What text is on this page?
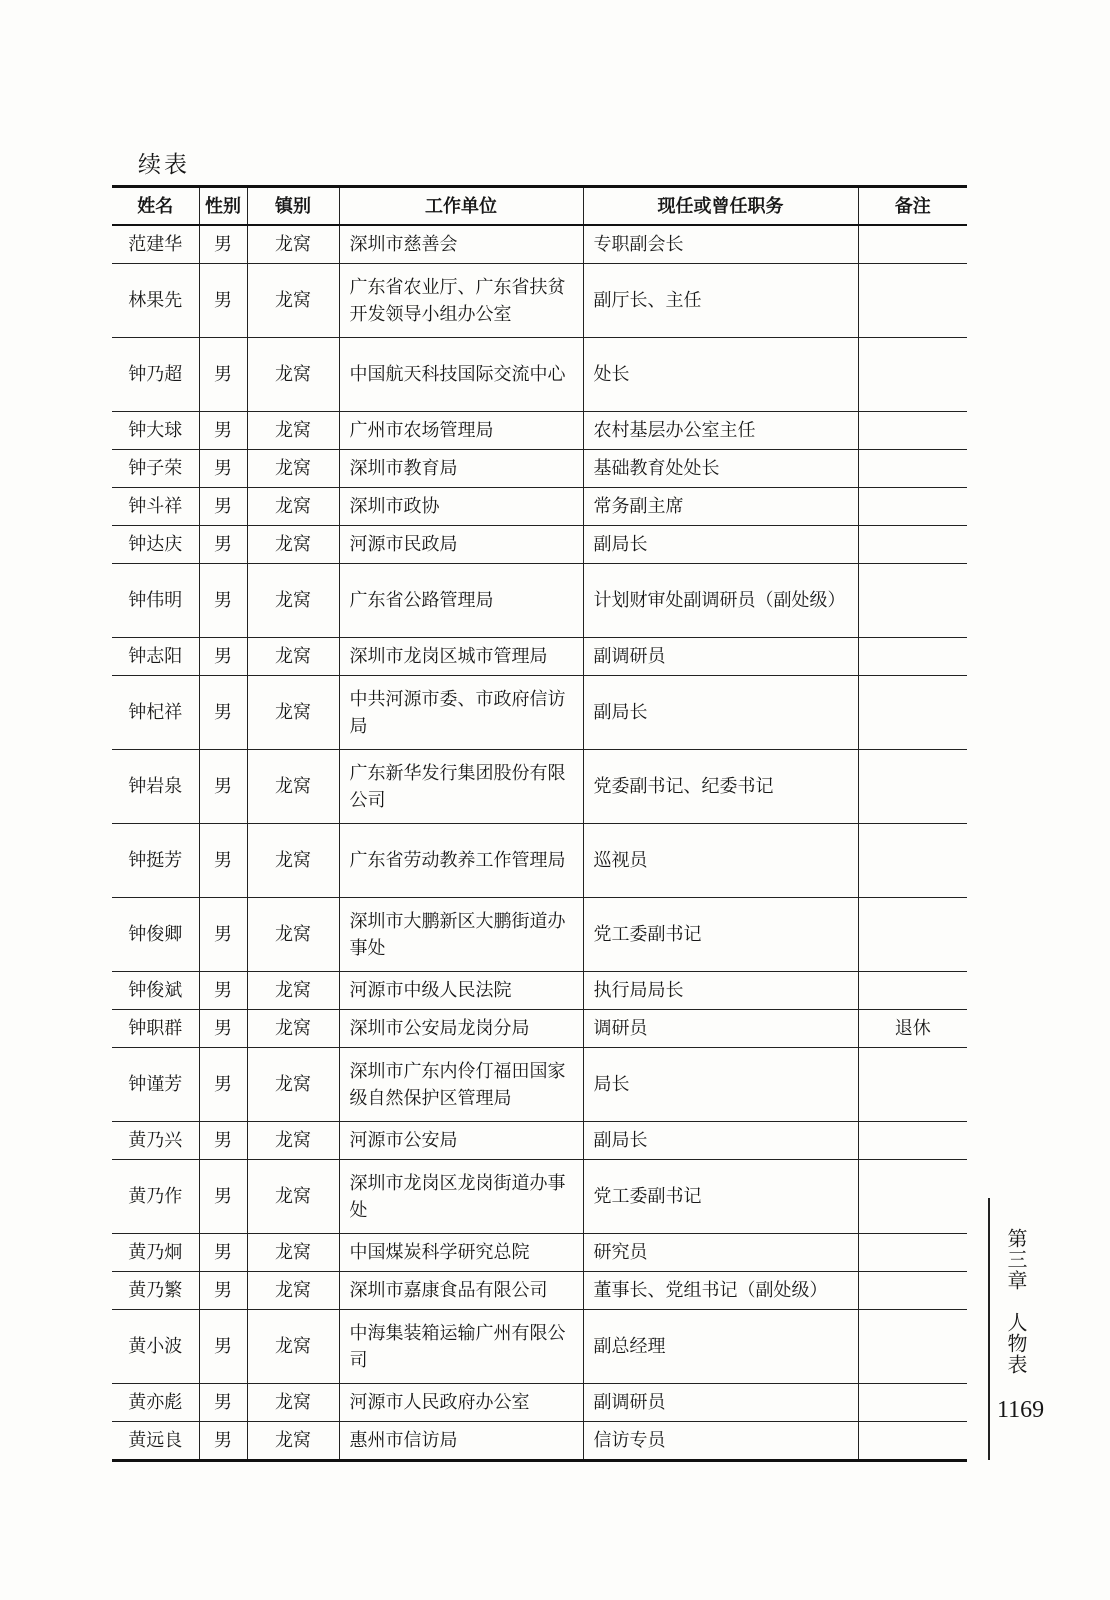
续表
姓名	性别	镇别	工作单位	现任或曾任职务	备注
范建华	男	龙窝	深圳市慈善会	专职副会长	
林果先	男	龙窝	广东省农业厅、广东省扶贫开发领导小组办公室	副厅长、主任	
钟乃超	男	龙窝	中国航天科技国际交流中心	处长	
钟大球	男	龙窝	广州市农场管理局	农村基层办公室主任	
钟子荣	男	龙窝	深圳市教育局	基础教育处处长	
钟斗祥	男	龙窝	深圳市政协	常务副主席	
钟达庆	男	龙窝	河源市民政局	副局长	
钟伟明	男	龙窝	广东省公路管理局	计划财审处副调研员（副处级）	
钟志阳	男	龙窝	深圳市龙岗区城市管理局	副调研员	
钟杞祥	男	龙窝	中共河源市委、市政府信访局	副局长	
钟岩泉	男	龙窝	广东新华发行集团股份有限公司	党委副书记、纪委书记	
钟挺芳	男	龙窝	广东省劳动教养工作管理局	巡视员	
钟俊卿	男	龙窝	深圳市大鹏新区大鹏街道办事处	党工委副书记	
钟俊斌	男	龙窝	河源市中级人民法院	执行局局长	
钟职群	男	龙窝	深圳市公安局龙岗分局	调研员	退休
钟谨芳	男	龙窝	深圳市广东内伶仃福田国家级自然保护区管理局	局长	
黄乃兴	男	龙窝	河源市公安局	副局长	
黄乃作	男	龙窝	深圳市龙岗区龙岗街道办事处	党工委副书记	
黄乃炯	男	龙窝	中国煤炭科学研究总院	研究员	
黄乃繁	男	龙窝	深圳市嘉康食品有限公司	董事长、党组书记（副处级）	
黄小波	男	龙窝	中海集装箱运输广州有限公司	副总经理	
黄亦彪	男	龙窝	河源市人民政府办公室	副调研员	
黄远良	男	龙窝	惠州市信访局	信访专员	
第三章　人物表
1169
